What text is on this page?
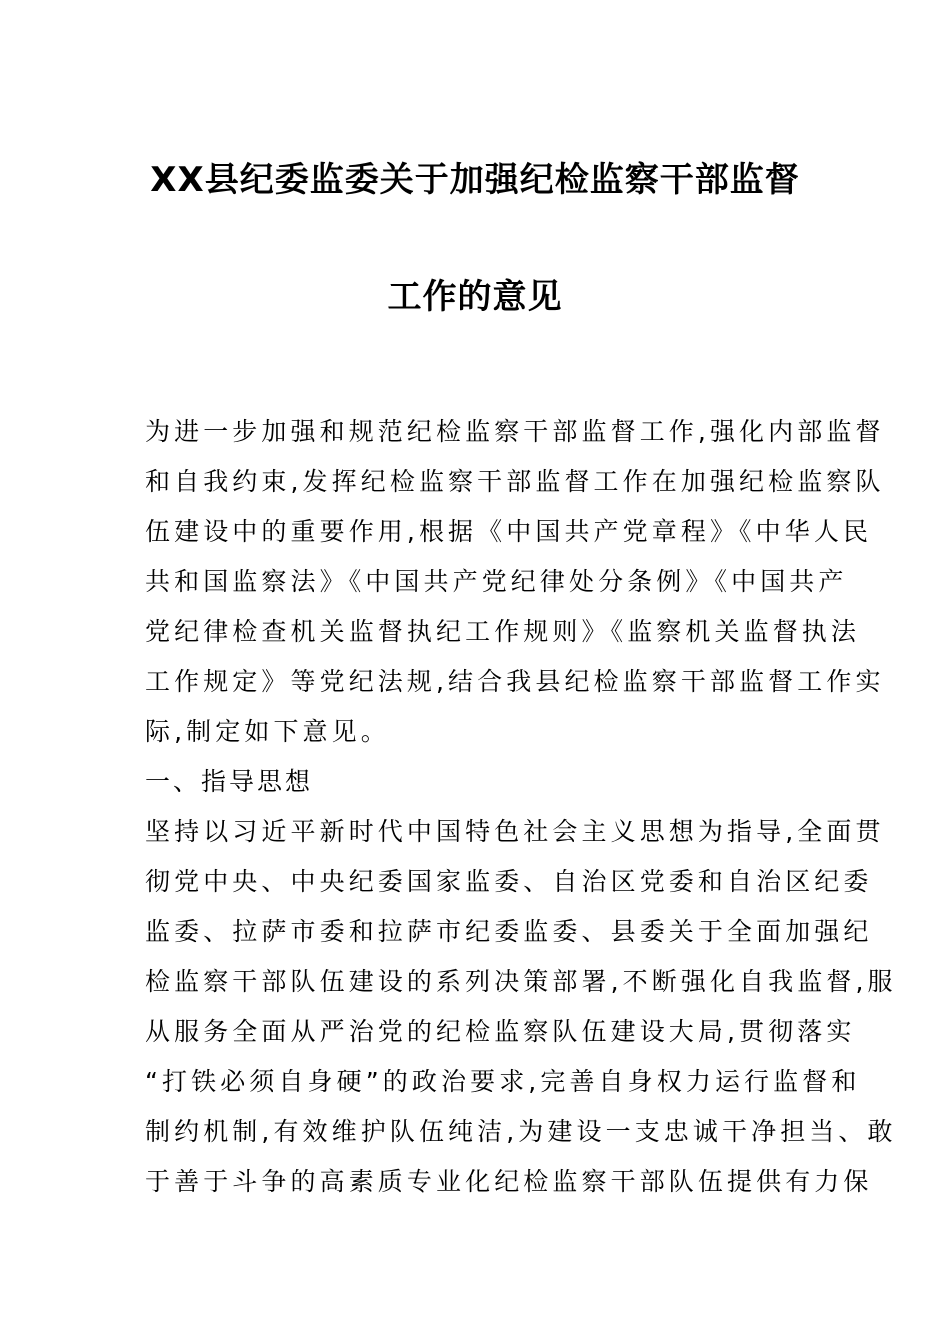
XX县纪委监委关于加强纪检监察干部监督
工作的意见
为进一步加强和规范纪检监察干部监督工作,强化内部监督
和自我约束,发挥纪检监察干部监督工作在加强纪检监察队
伍建设中的重要作用,根据《中国共产党章程》《中华人民
共和国监察法》《中国共产党纪律处分条例》《中国共产
党纪律检查机关监督执纪工作规则》《监察机关监督执法
工作规定》等党纪法规,结合我县纪检监察干部监督工作实
际,制定如下意见。
一、指导思想
坚持以习近平新时代中国特色社会主义思想为指导,全面贯
彻党中央、中央纪委国家监委、自治区党委和自治区纪委
监委、拉萨市委和拉萨市纪委监委、县委关于全面加强纪
检监察干部队伍建设的系列决策部署,不断强化自我监督,服
从服务全面从严治党的纪检监察队伍建设大局,贯彻落实
“打铁必须自身硬”的政治要求,完善自身权力运行监督和
制约机制,有效维护队伍纯洁,为建设一支忠诚干净担当、敢
于善于斗争的高素质专业化纪检监察干部队伍提供有力保
